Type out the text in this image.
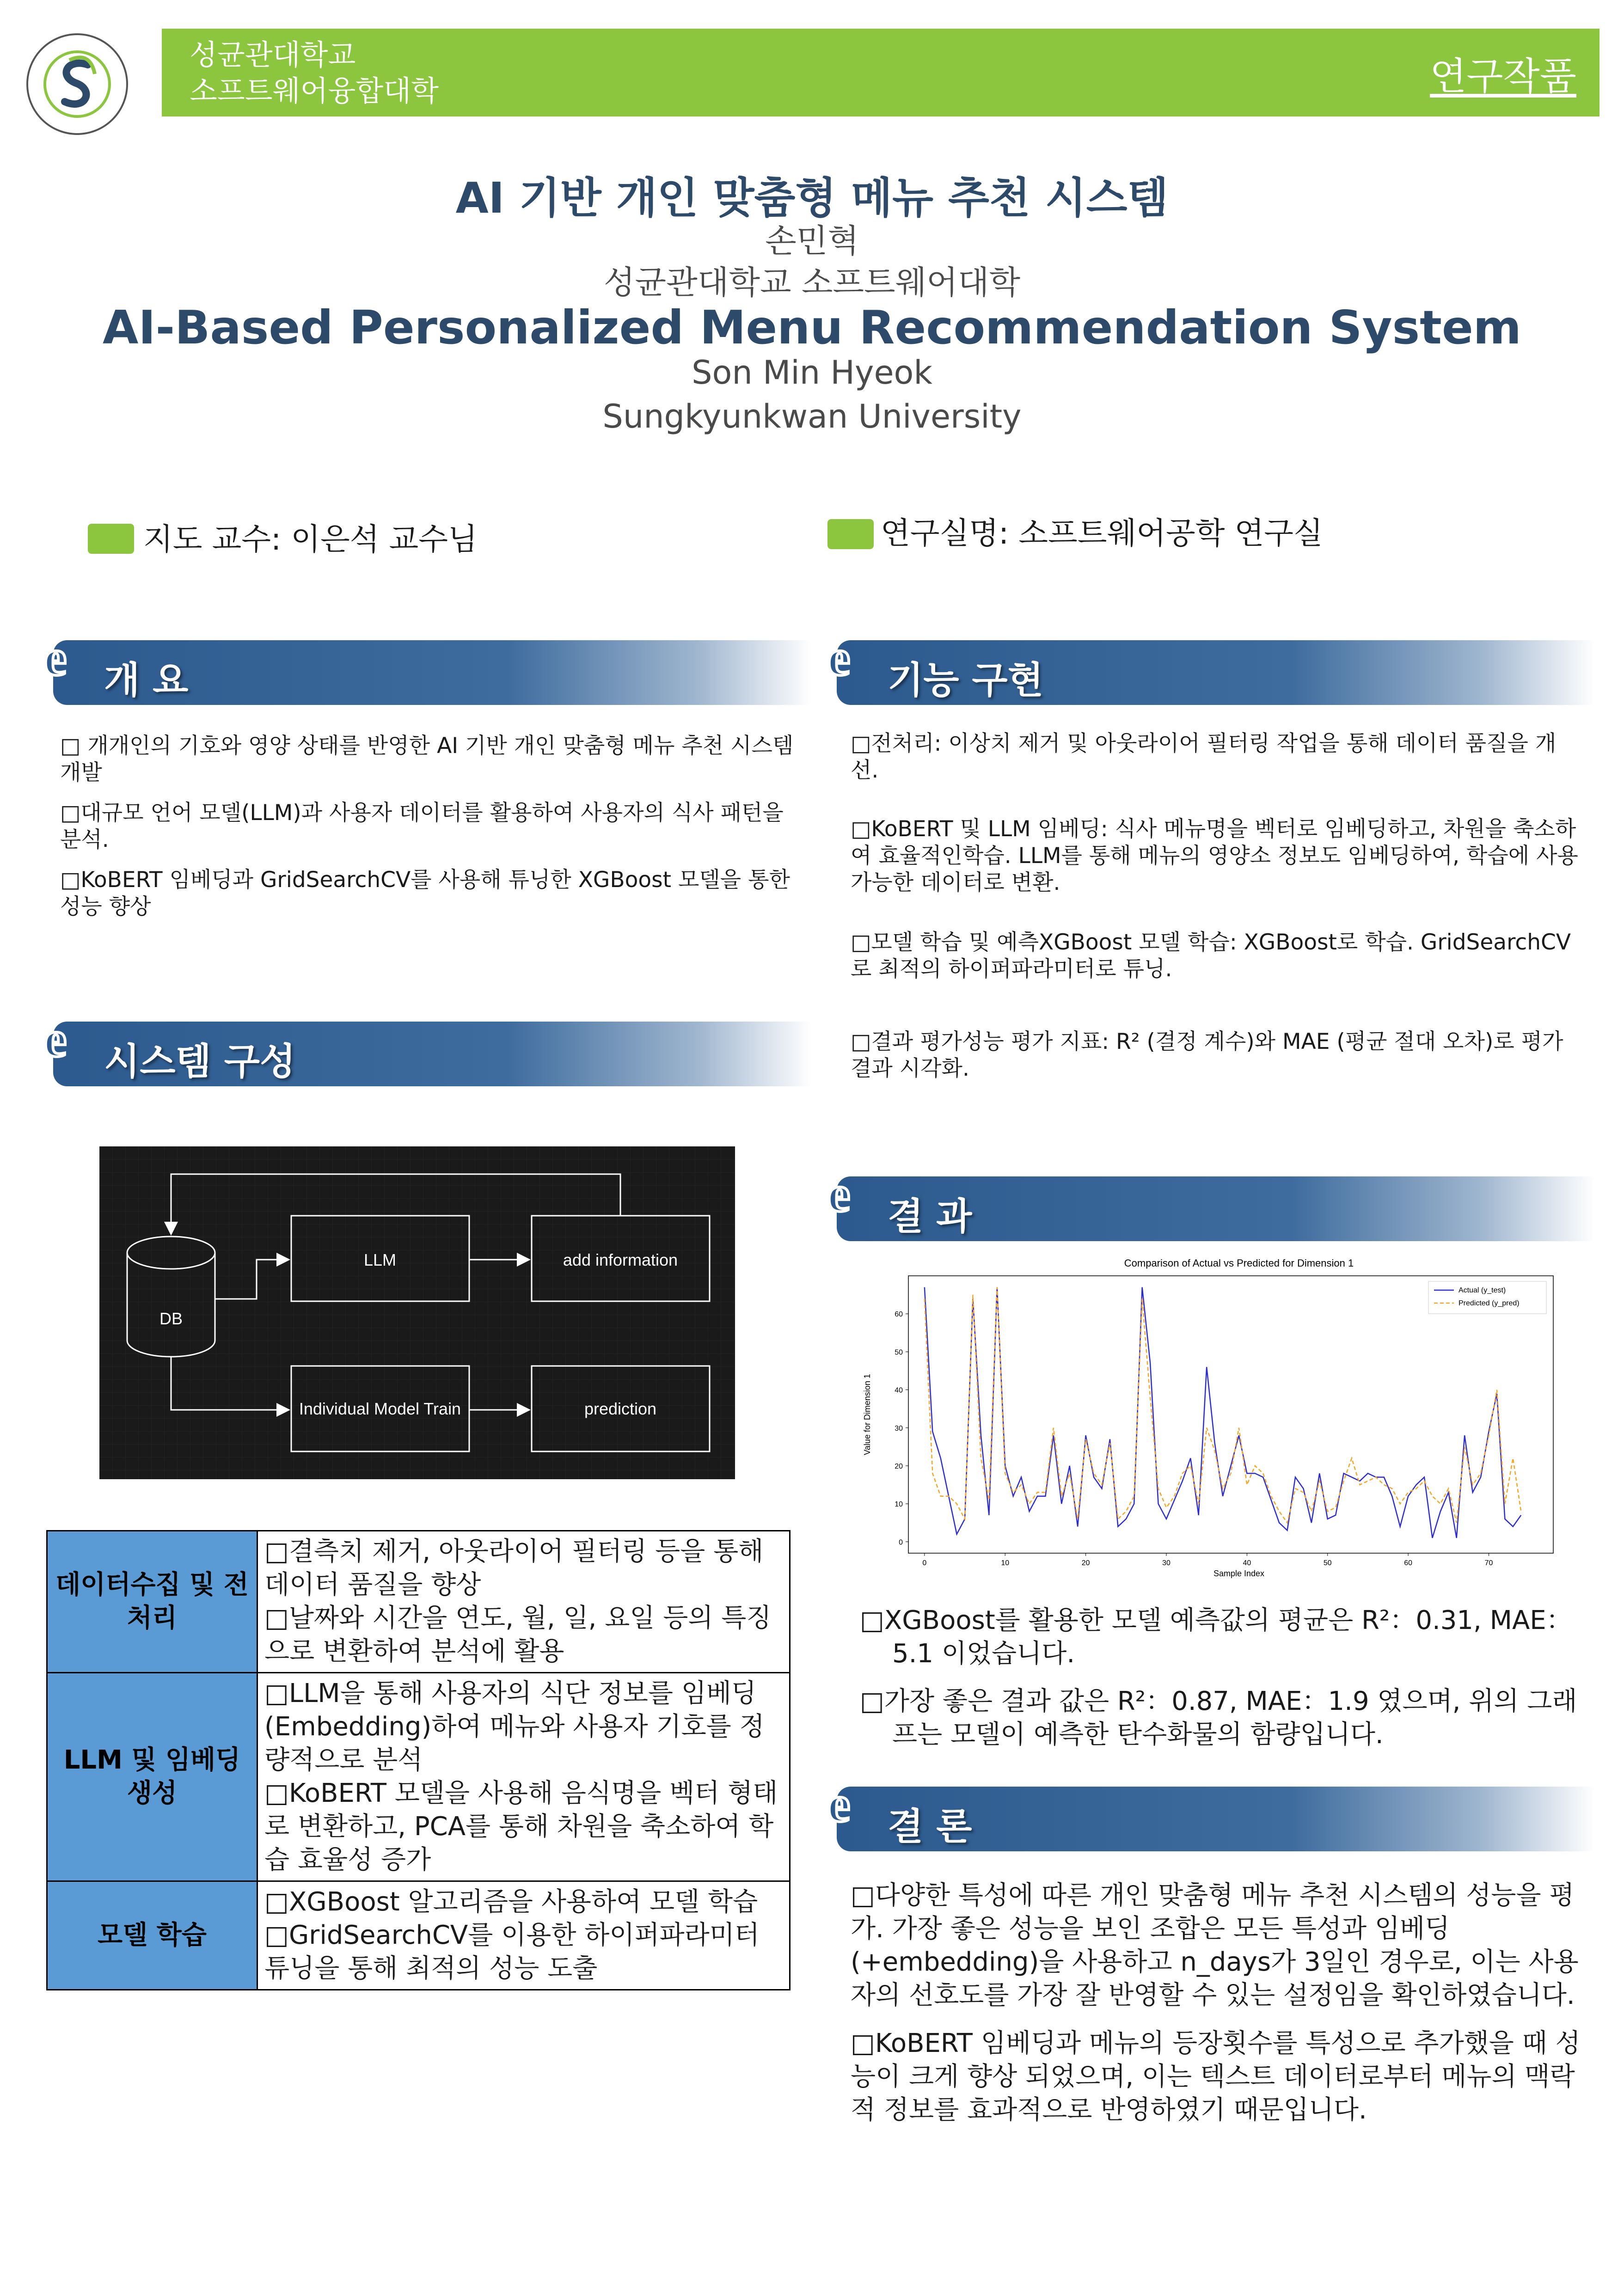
성균관대학교
소프트웨어융합대학	연구작품
AI 기반 개인 맞춤형 메뉴 추천 시스템
손민혁
성균관대학교 소프트웨어대학
AI-Based Personalized Menu Recommendation System
Son Min Hyeok
Sungkyunkwan University
지도 교수: 이은석 교수님	연구실명: 소프트웨어공학 연구실
e 개 요
□ 개개인의 기호와 영양 상태를 반영한 AI 기반 개인 맞춤형 메뉴 추천 시스템 개발
□대규모 언어 모델(LLM)과 사용자 데이터를 활용하여 사용자의 식사 패턴을 분석.
□KoBERT 임베딩과 GridSearchCV를 사용해 튜닝한 XGBoost 모델을 통한 성능 향상
e 시스템 구성
DB
LLM	add information
Individual Model Train	prediction
데이터수집 및 전처리	□결측치 제거, 아웃라이어 필터링 등을 통해 데이터 품질을 향상
□날짜와 시간을 연도, 월, 일, 요일 등의 특징으로 변환하여 분석에 활용

LLM 및 임베딩 생성	□LLM을 통해 사용자의 식단 정보를 임베딩(Embedding)하여 메뉴와 사용자 기호를 정량적으로 분석
□KoBERT 모델을 사용해 음식명을 벡터 형태로 변환하고, PCA를 통해 차원을 축소하여 학습 효율성 증가

모델 학습	□XGBoost 알고리즘을 사용하여 모델 학습
□GridSearchCV를 이용한 하이퍼파라미터 튜닝을 통해 최적의 성능 도출
e 기능 구현
□전처리: 이상치 제거 및 아웃라이어 필터링 작업을 통해 데이터 품질을 개선.
□KoBERT 및 LLM 임베딩: 식사 메뉴명을 벡터로 임베딩하고, 차원을 축소하여 효율적인학습. LLM를 통해 메뉴의 영양소 정보도 임베딩하여, 학습에 사용 가능한 데이터로 변환.
□모델 학습 및 예측XGBoost 모델 학습: XGBoost로 학습. GridSearchCV로 최적의 하이퍼파라미터로 튜닝.
□결과 평가성능 평가 지표: R² (결정 계수)와 MAE (평균 절대 오차)로 평가결과 시각화.
e 결 과
Comparison of Actual vs Predicted for Dimension 1
0	10	20	30	40	50	60	70
0
10
20
30
40
50
60
Sample Index
Value for Dimension 1
Actual (y_test)
Predicted (y_pred)
□XGBoost를 활용한 모델 예측값의 평균은 R²：0.31, MAE：5.1 이었습니다.
□가장 좋은 결과 값은 R²：0.87, MAE：1.9 였으며, 위의 그래프는 모델이 예측한 탄수화물의 함량입니다.
e 결 론
□다양한 특성에 따른 개인 맞춤형 메뉴 추천 시스템의 성능을 평가. 가장 좋은 성능을 보인 조합은 모든 특성과 임베딩(+embedding)을 사용하고 n_days가 3일인 경우로, 이는 사용자의 선호도를 가장 잘 반영할 수 있는 설정임을 확인하였습니다.
□KoBERT 임베딩과 메뉴의 등장횟수를 특성으로 추가했을 때 성능이 크게 향상 되었으며, 이는 텍스트 데이터로부터 메뉴의 맥락적 정보를 효과적으로 반영하였기 때문입니다.
